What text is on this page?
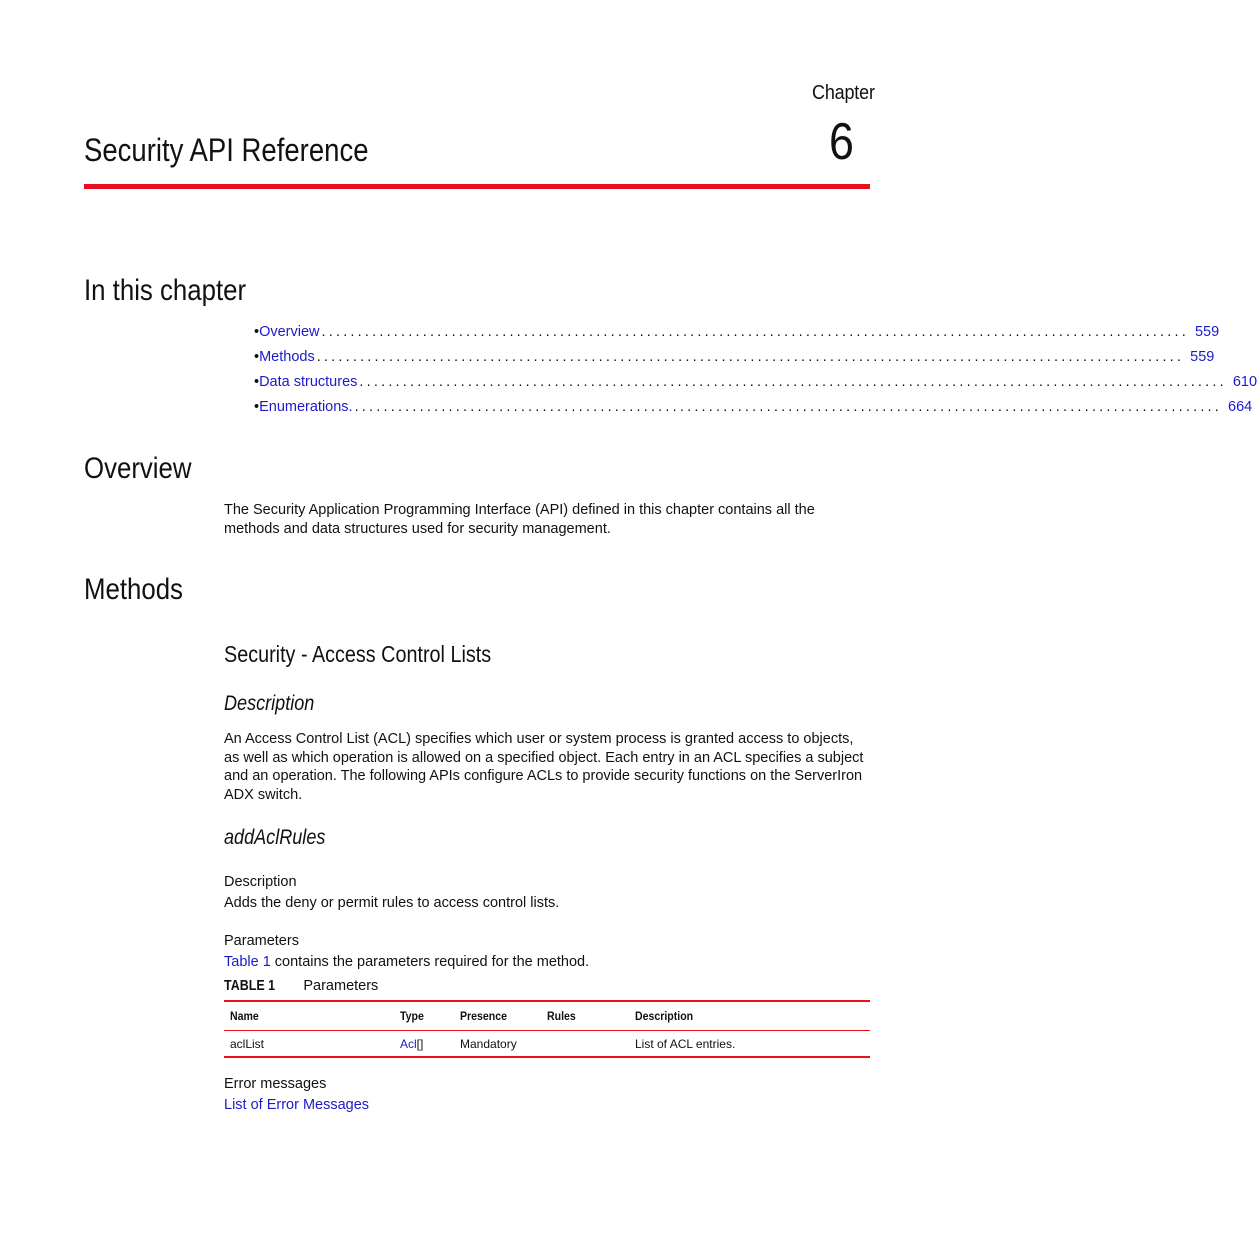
Chapter
6
Security API Reference
In this chapter
• Overview ........................................................................................................................ 559
• Methods ........................................................................................................................ 559
• Data structures ........................................................................................................................ 610
• Enumerations. ........................................................................................................................ 664
Overview
The Security Application Programming Interface (API) defined in this chapter contains all the methods and data structures used for security management.
Methods
Security - Access Control Lists
Description
An Access Control List (ACL) specifies which user or system process is granted access to objects, as well as which operation is allowed on a specified object. Each entry in an ACL specifies a subject and an operation. The following APIs configure ACLs to provide security functions on the ServerIron ADX switch.
addAclRules
Description
Adds the deny or permit rules to access control lists.
Parameters
Table 1 contains the parameters required for the method.
TABLE 1 Parameters
Name	Type	Presence	Rules	Description
aclList	Acl[]	Mandatory		List of ACL entries.
Error messages
List of Error Messages
